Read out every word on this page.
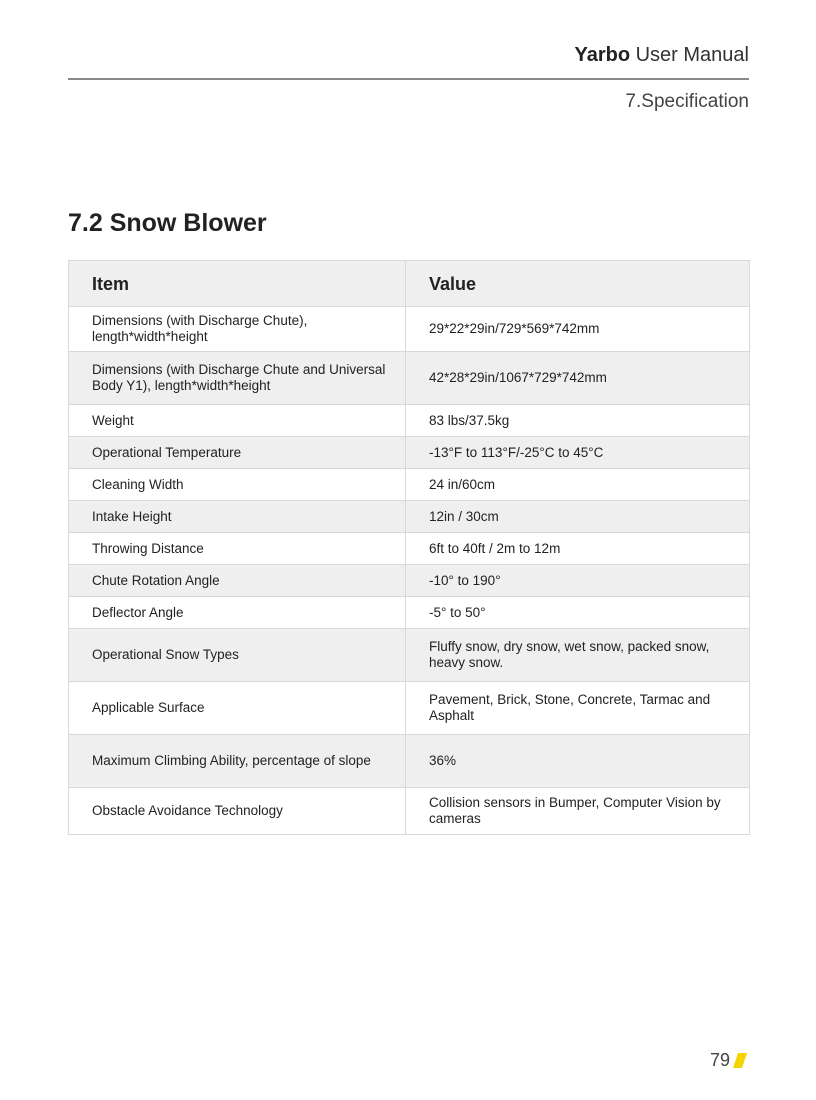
Yarbo User Manual
7.Specification
7.2 Snow Blower
Item	Value
Dimensions (with Discharge Chute), length*width*height	29*22*29in/729*569*742mm
Dimensions (with Discharge Chute and Universal Body Y1), length*width*height	42*28*29in/1067*729*742mm
Weight	83 lbs/37.5kg
Operational Temperature	-13°F to 113°F/-25°C to 45°C
Cleaning Width	24 in/60cm
Intake Height	12in / 30cm
Throwing Distance	6ft to 40ft / 2m to 12m
Chute Rotation Angle	-10° to 190°
Deflector Angle	-5° to 50°
Operational Snow Types	Fluffy snow, dry snow, wet snow, packed snow, heavy snow.
Applicable Surface	Pavement, Brick, Stone, Concrete, Tarmac and Asphalt
Maximum Climbing Ability, percentage of slope	36%
Obstacle Avoidance Technology	Collision sensors in Bumper, Computer Vision by cameras
79
